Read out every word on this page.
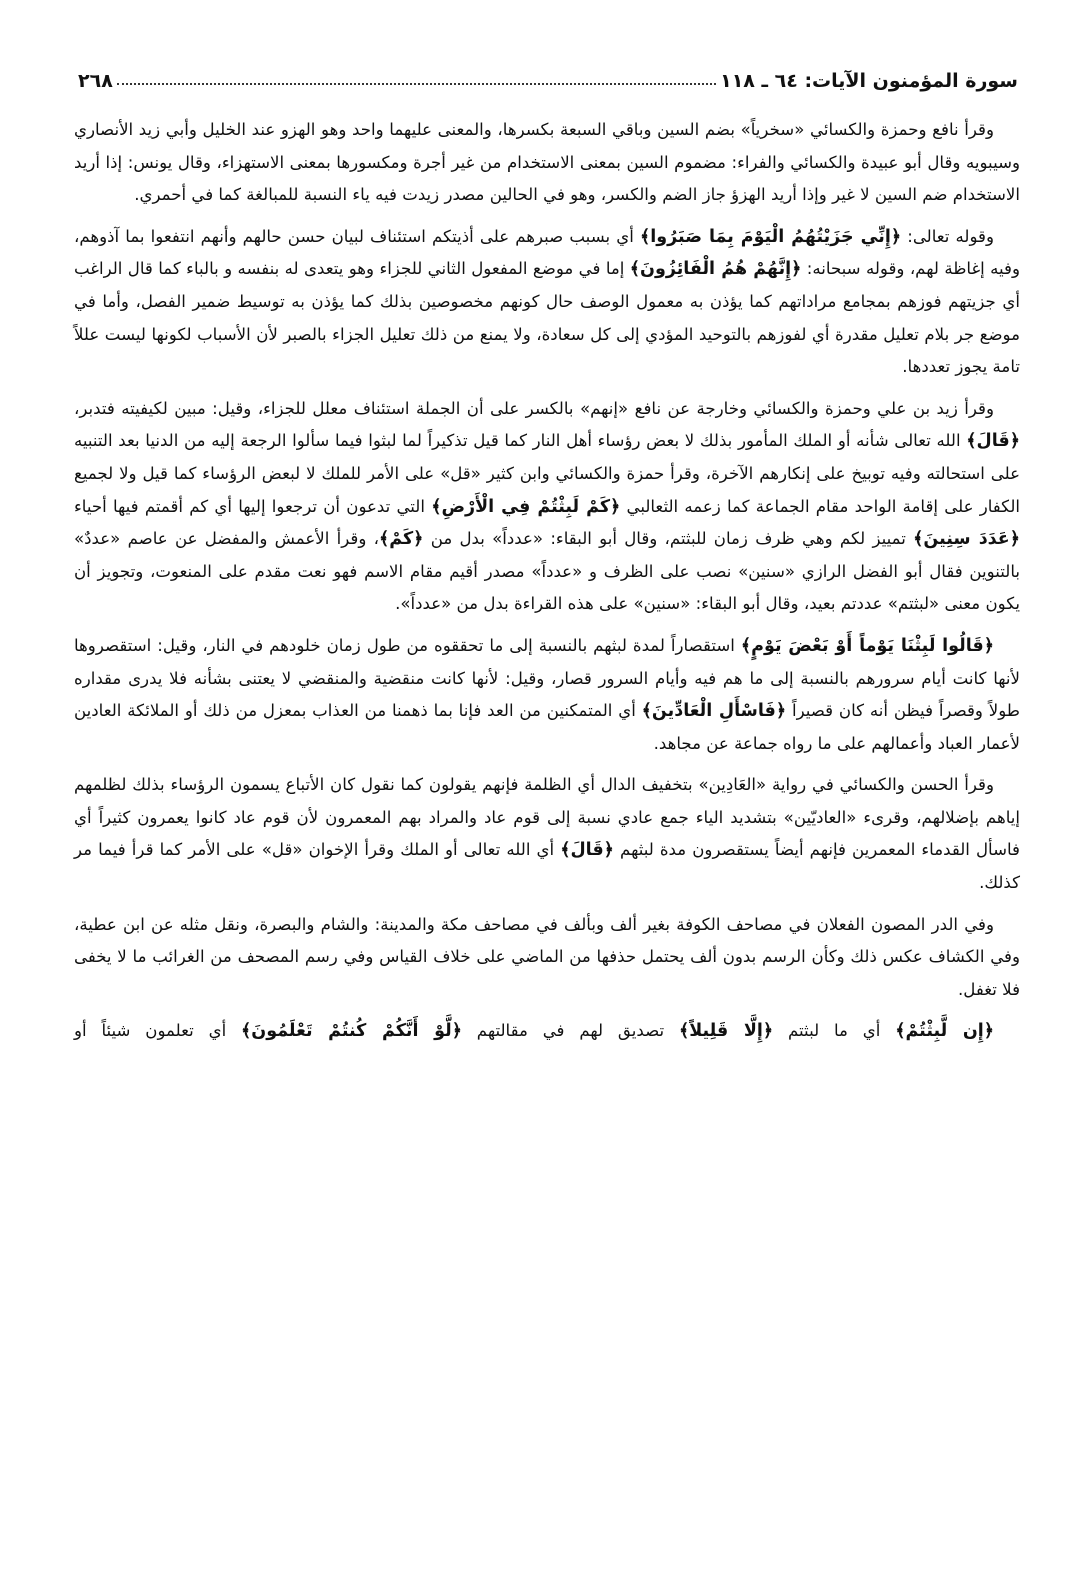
سورة المؤمنون الآيات: ٦٤ ـ ١١٨
٢٦٨

وقرأ نافع وحمزة والكسائي «سخرياً» بضم السين وباقي السبعة بكسرها، والمعنى عليهما واحد وهو الهزو عند الخليل وأبي زيد الأنصاري وسيبويه وقال أبو عبيدة والكسائي والفراء: مضموم السين بمعنى الاستخدام من غير أجرة ومكسورها بمعنى الاستهزاء، وقال يونس: إذا أريد الاستخدام ضم السين لا غير وإذا أريد الهزؤ جاز الضم والكسر، وهو في الحالين مصدر زيدت فيه ياء النسبة للمبالغة كما في أحمري.

وقوله تعالى: ﴿إِنِّي جَزَيْتُهُمُ الْيَوْمَ بِمَا صَبَرُوا﴾ أي بسبب صبرهم على أذيتكم استئناف لبيان حسن حالهم وأنهم انتفعوا بما آذوهم، وفيه إغاظة لهم، وقوله سبحانه: ﴿إِنَّهُمْ هُمُ الْفَائِزُونَ﴾ إما في موضع المفعول الثاني للجزاء وهو يتعدى له بنفسه و بالباء كما قال الراغب أي جزيتهم فوزهم بمجامع مراداتهم كما يؤذن به معمول الوصف حال كونهم مخصوصين بذلك كما يؤذن به توسيط ضمير الفصل، وأما في موضع جر بلام تعليل مقدرة أي لفوزهم بالتوحيد المؤدي إلى كل سعادة، ولا يمنع من ذلك تعليل الجزاء بالصبر لأن الأسباب لكونها ليست عللاً تامة يجوز تعددها.

وقرأ زيد بن علي وحمزة والكسائي وخارجة عن نافع «إنهم» بالكسر على أن الجملة استئناف معلل للجزاء، وقيل: مبين لكيفيته فتدبر، ﴿قَالَ﴾ الله تعالى شأنه أو الملك المأمور بذلك لا بعض رؤساء أهل النار كما قيل تذكيراً لما لبثوا فيما سألوا الرجعة إليه من الدنيا بعد التنبيه على استحالته وفيه توبيخ على إنكارهم الآخرة، وقرأ حمزة والكسائي وابن كثير «قل» على الأمر للملك لا لبعض الرؤساء كما قيل ولا لجميع الكفار على إقامة الواحد مقام الجماعة كما زعمه الثعالبي ﴿كَمْ لَبِثْتُمْ فِي الْأَرْضِ﴾ التي تدعون أن ترجعوا إليها أي كم أقمتم فيها أحياء ﴿عَدَدَ سِنِينَ﴾ تمييز لكم وهي ظرف زمان للبثتم، وقال أبو البقاء: «عدداً» بدل من ﴿كَمْ﴾، وقرأ الأعمش والمفضل عن عاصم «عددٌ» بالتنوين فقال أبو الفضل الرازي «سنين» نصب على الظرف و «عدداً» مصدر أقيم مقام الاسم فهو نعت مقدم على المنعوت، وتجويز أن يكون معنى «لبثتم» عددتم بعيد، وقال أبو البقاء: «سنين» على هذه القراءة بدل من «عدداً».

﴿قَالُوا لَبِثْنَا يَوْماً أَوْ بَعْضَ يَوْمٍ﴾ استقصاراً لمدة لبثهم بالنسبة إلى ما تحققوه من طول زمان خلودهم في النار، وقيل: استقصروها لأنها كانت أيام سرورهم بالنسبة إلى ما هم فيه وأيام السرور قصار، وقيل: لأنها كانت منقضية والمنقضي لا يعتنى بشأنه فلا يدرى مقداره طولاً وقصراً فيظن أنه كان قصيراً ﴿فَاسْأَلِ الْعَادِّينَ﴾ أي المتمكنين من العد فإنا بما ذهمنا من العذاب بمعزل من ذلك أو الملائكة العادين لأعمار العباد وأعمالهم على ما رواه جماعة عن مجاهد.

وقرأ الحسن والكسائي في رواية «العَادِين» بتخفيف الدال أي الظلمة فإنهم يقولون كما نقول كان الأتباع يسمون الرؤساء بذلك لظلمهم إياهم بإضلالهم، وقرىء «العاديّين» بتشديد الياء جمع عادي نسبة إلى قوم عاد والمراد بهم المعمرون لأن قوم عاد كانوا يعمرون كثيراً أي فاسأل القدماء المعمرين فإنهم أيضاً يستقصرون مدة لبثهم ﴿قَالَ﴾ أي الله تعالى أو الملك وقرأ الإخوان «قل» على الأمر كما قرأ فيما مر كذلك.

وفي الدر المصون الفعلان في مصاحف الكوفة بغير ألف وبألف في مصاحف مكة والمدينة: والشام والبصرة، ونقل مثله عن ابن عطية، وفي الكشاف عكس ذلك وكأن الرسم بدون ألف يحتمل حذفها من الماضي على خلاف القياس وفي رسم المصحف من الغرائب ما لا يخفى فلا تغفل.

﴿إِن لَّبِثْتُمْ﴾ أي ما لبثتم ﴿إِلَّا قَلِيلاً﴾ تصديق لهم في مقالتهم ﴿لَّوْ أَنَّكُمْ كُنتُمْ تَعْلَمُونَ﴾ أي تعلمون شيئاً أو
